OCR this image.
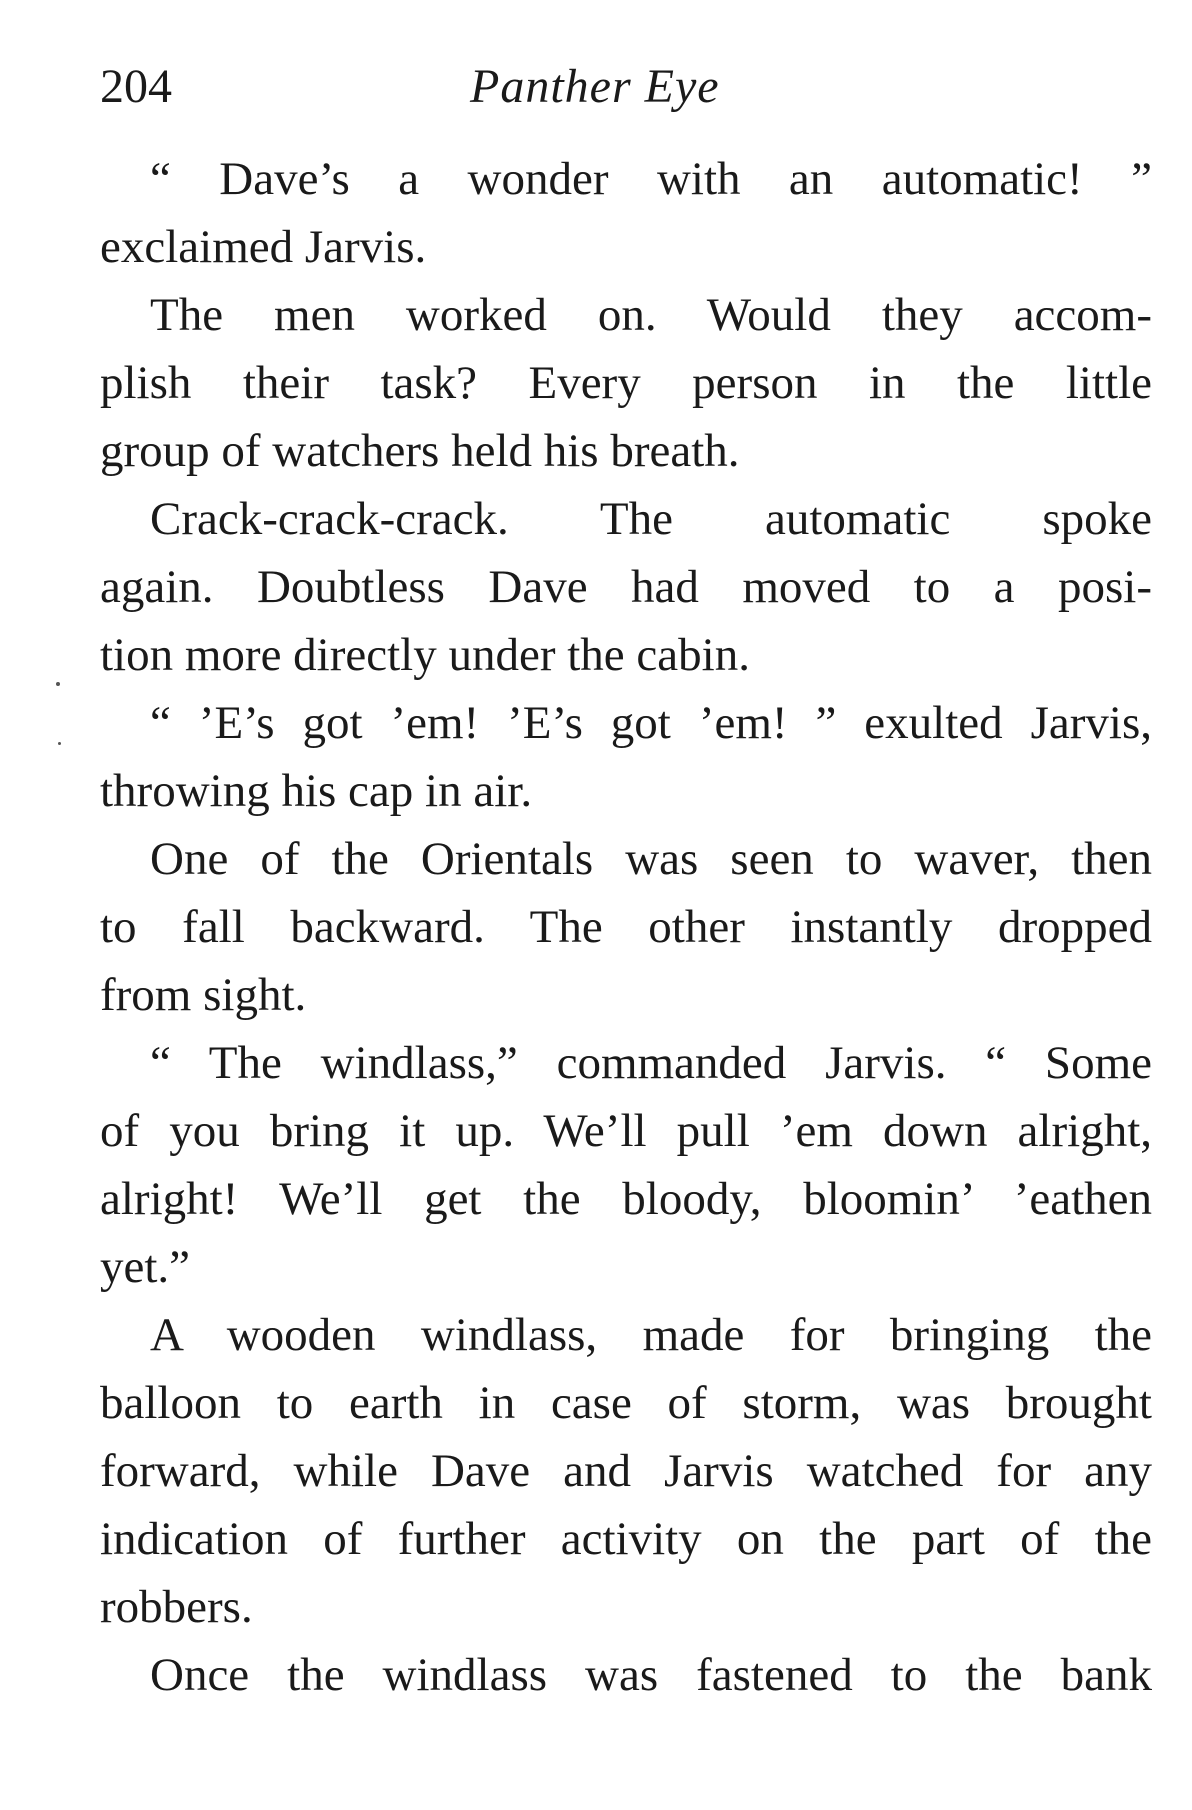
204	Panther Eye
“ Dave’s a wonder with an automatic! ”
exclaimed Jarvis.
The men worked on. Would they accom-
plish their task? Every person in the little
group of watchers held his breath.
Crack-crack-crack. The automatic spoke
again. Doubtless Dave had moved to a posi-
tion more directly under the cabin.
“ ’E’s got ’em! ’E’s got ’em! ” exulted Jarvis,
throwing his cap in air.
One of the Orientals was seen to waver, then
to fall backward. The other instantly dropped
from sight.
“ The windlass,” commanded Jarvis. “ Some
of you bring it up. We’ll pull ’em down alright,
alright! We’ll get the bloody, bloomin’ ’eathen
yet.”
A wooden windlass, made for bringing the
balloon to earth in case of storm, was brought
forward, while Dave and Jarvis watched for any
indication of further activity on the part of the
robbers.
Once the windlass was fastened to the bank
